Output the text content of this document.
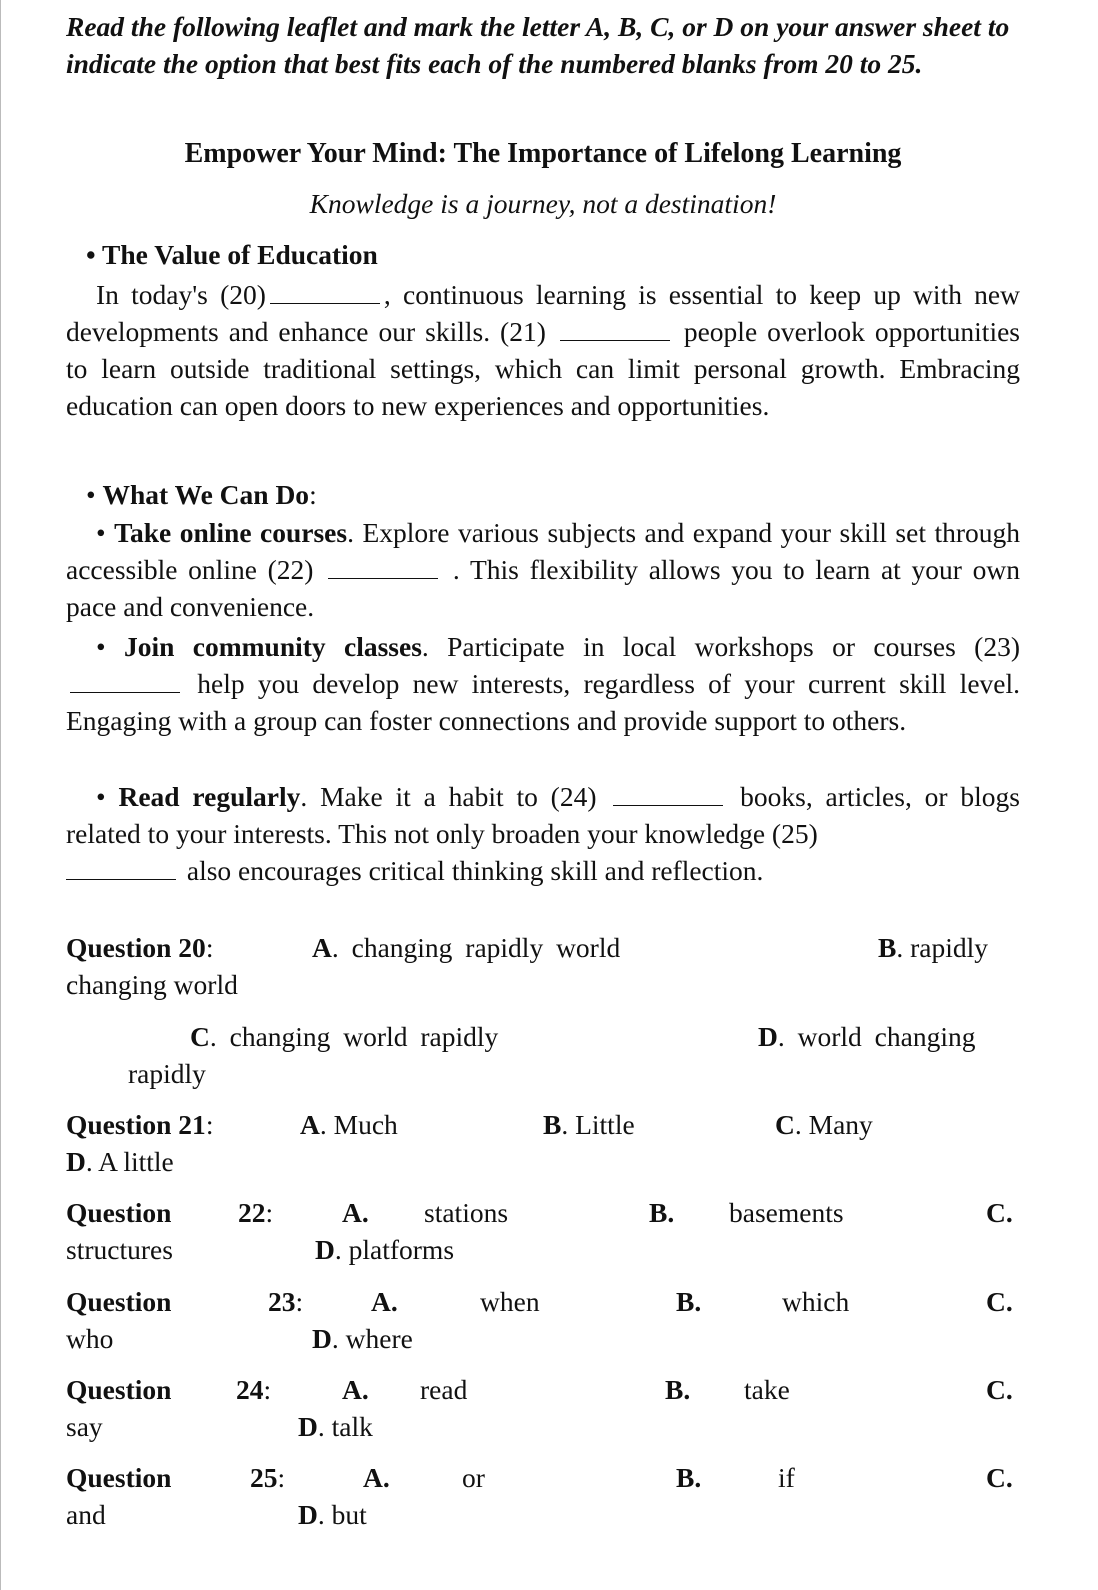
Read the following leaflet and mark the letter A, B, C, or D on your answer sheet to indicate the option that best fits each of the numbered blanks from 20 to 25.

Empower Your Mind: The Importance of Lifelong Learning

Knowledge is a journey, not a destination!

• The Value of Education

In today's (20)	, continuous learning is essential to keep up with new developments and enhance our skills. (21)	people overlook opportunities to learn outside traditional settings, which can limit personal growth. Embracing education can open doors to new experiences and opportunities.

• What We Can Do:

• Take online courses. Explore various subjects and expand your skill set through accessible online (22)	. This flexibility allows you to learn at your own pace and convenience.

• Join community classes. Participate in local workshops or courses (23)  help you develop new interests, regardless of your current skill level. Engaging with a group can foster connections and provide support to others.

• Read regularly. Make it a habit to (24)	books, articles, or blogs related to your interests. This not only broaden your knowledge (25)
also encourages critical thinking skill and reflection.

Question 20:	A. changing rapidly world	B. rapidly
changing world
C. changing world rapidly	D. world changing
rapidly
Question 21:	A. Much	B. Little	C. Many
D. A little
Question 22:	A. stations	B. basements	C.
structures	D. platforms
Question	23: A.	when	B.	which	C.
who	D. where
Question 24:	A. read	B. take	C.
say	D. talk
Question	25:	A.	or	B.	if	C.
and	D. but
